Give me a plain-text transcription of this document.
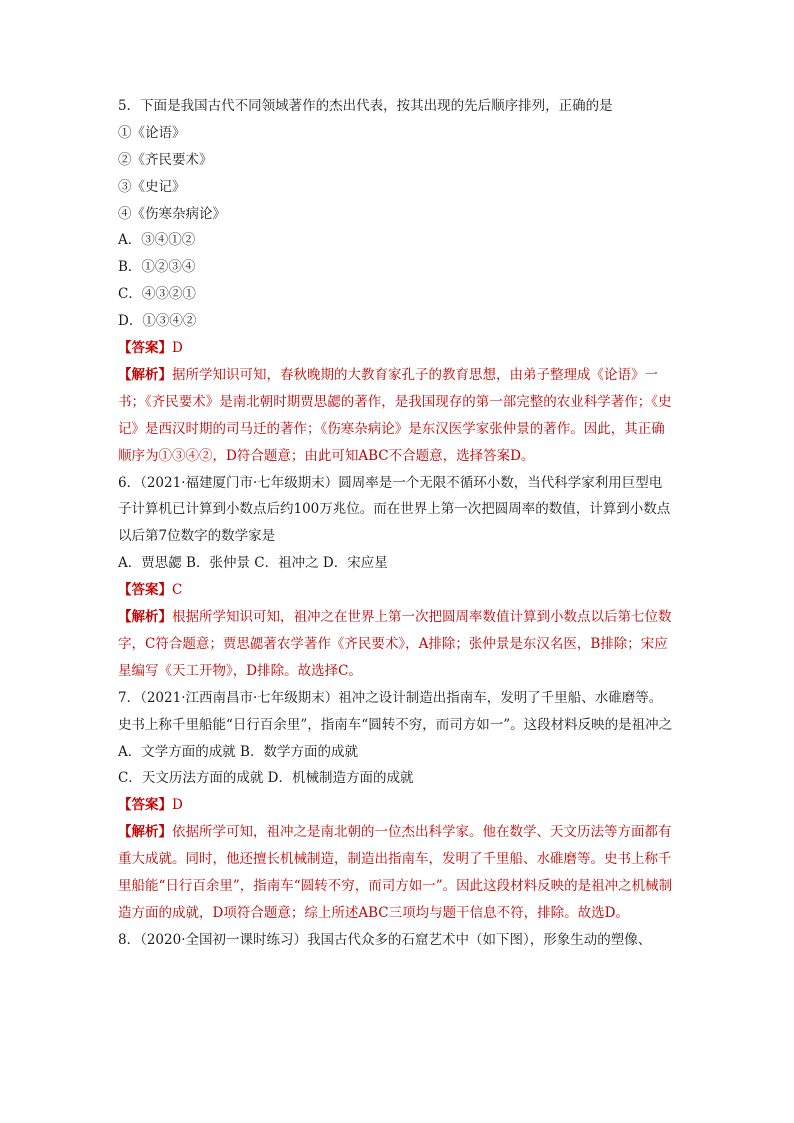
5．下面是我国古代不同领域著作的杰出代表，按其出现的先后顺序排列，正确的是
①《论语》
②《齐民要术》
③《史记》
④《伤寒杂病论》
A．③④①②
B．①②③④
C．④③②①
D．①③④②
【答案】D
【解析】据所学知识可知，春秋晚期的大教育家孔子的教育思想，由弟子整理成《论语》一书；《齐民要术》是南北朝时期贾思勰的著作，是我国现存的第一部完整的农业科学著作；《史记》是西汉时期的司马迁的著作；《伤寒杂病论》是东汉医学家张仲景的著作。因此，其正确顺序为①③④②，D符合题意；由此可知ABC不合题意，选择答案D。
6．（2021·福建厦门市·七年级期末）圆周率是一个无限不循环小数，当代科学家利用巨型电子计算机已计算到小数点后约100万兆位。而在世界上第一次把圆周率的数值，计算到小数点以后第7位数字的数学家是
A．贾思勰 B．张仲景 C．祖冲之 D．宋应星
【答案】C
【解析】根据所学知识可知，祖冲之在世界上第一次把圆周率数值计算到小数点以后第七位数字，C符合题意；贾思勰著农学著作《齐民要术》，A排除；张仲景是东汉名医，B排除；宋应星编写《天工开物》，D排除。故选择C。
7．（2021·江西南昌市·七年级期末）祖冲之设计制造出指南车，发明了千里船、水碓磨等。史书上称千里船能“日行百余里”，指南车“圆转不穷，而司方如一”。这段材料反映的是祖冲之
A．文学方面的成就 B．数学方面的成就
C．天文历法方面的成就 D．机械制造方面的成就
【答案】D
【解析】依据所学可知，祖冲之是南北朝的一位杰出科学家。他在数学、天文历法等方面都有重大成就。同时，他还擅长机械制造，制造出指南车，发明了千里船、水碓磨等。史书上称千里船能“日行百余里”，指南车“圆转不穷，而司方如一”。因此这段材料反映的是祖冲之机械制造方面的成就，D项符合题意；综上所述ABC三项均与题干信息不符，排除。故选D。
8．（2020·全国初一课时练习）我国古代众多的石窟艺术中（如下图），形象生动的塑像、
